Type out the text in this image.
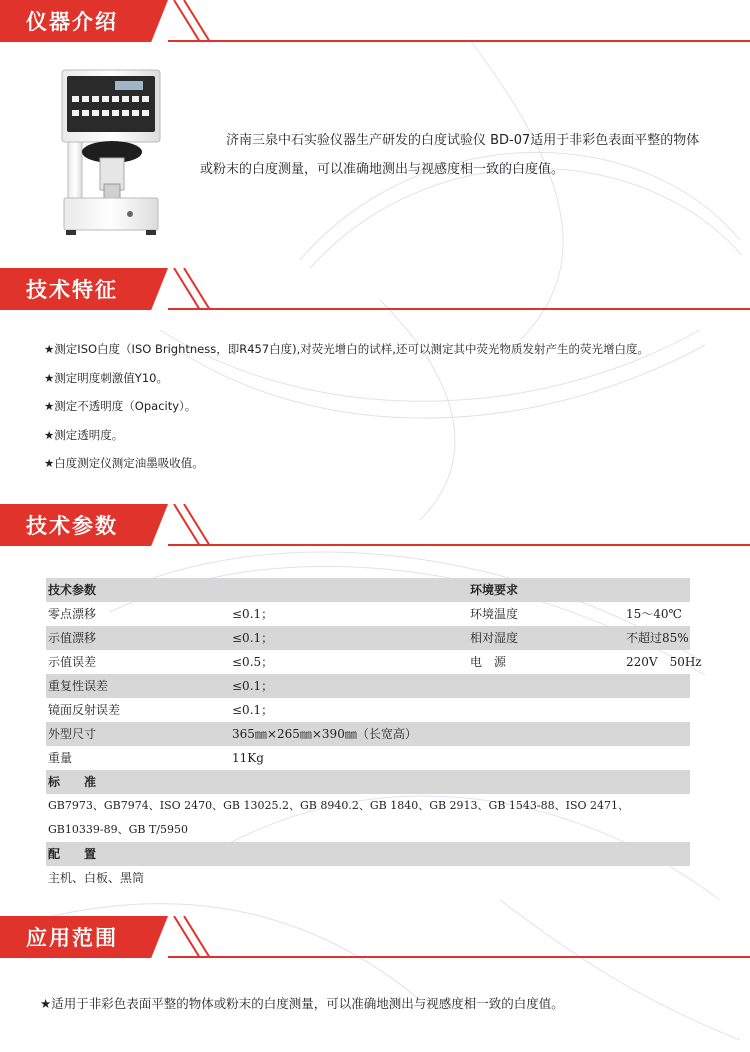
仪器介绍

济南三泉中石实验仪器生产研发的白度试验仪 BD-07适用于非彩色表面平整的物体或粉末的白度测量，可以准确地测出与视感度相一致的白度值。

技术特征
★测定ISO白度（ISO Brightness，即R457白度),对荧光增白的试样,还可以测定其中荧光物质发射产生的荧光增白度。
★测定明度刺激值Y10。
★测定不透明度（Opacity）。
★测定透明度。
★白度测定仪测定油墨吸收值。
技术参数
技术参数	环境要求
零点漂移	≤0.1；	环境温度	15～40℃
示值漂移	≤0.1；	相对湿度	不超过85%
示值误差	≤0.5；	电　源	220V　50Hz
重复性误差	≤0.1；
镜面反射误差	≤0.1；
外型尺寸	365㎜×265㎜×390㎜（长宽高）
重量	11Kg
标　　准
GB7973、GB7974、ISO 2470、GB 13025.2、GB 8940.2、GB 1840、GB 2913、GB 1543-88、ISO 2471、
GB10339-89、GB T/5950
配　　置
主机、白板、黑筒
应用范围
★适用于非彩色表面平整的物体或粉末的白度测量，可以准确地测出与视感度相一致的白度值。
